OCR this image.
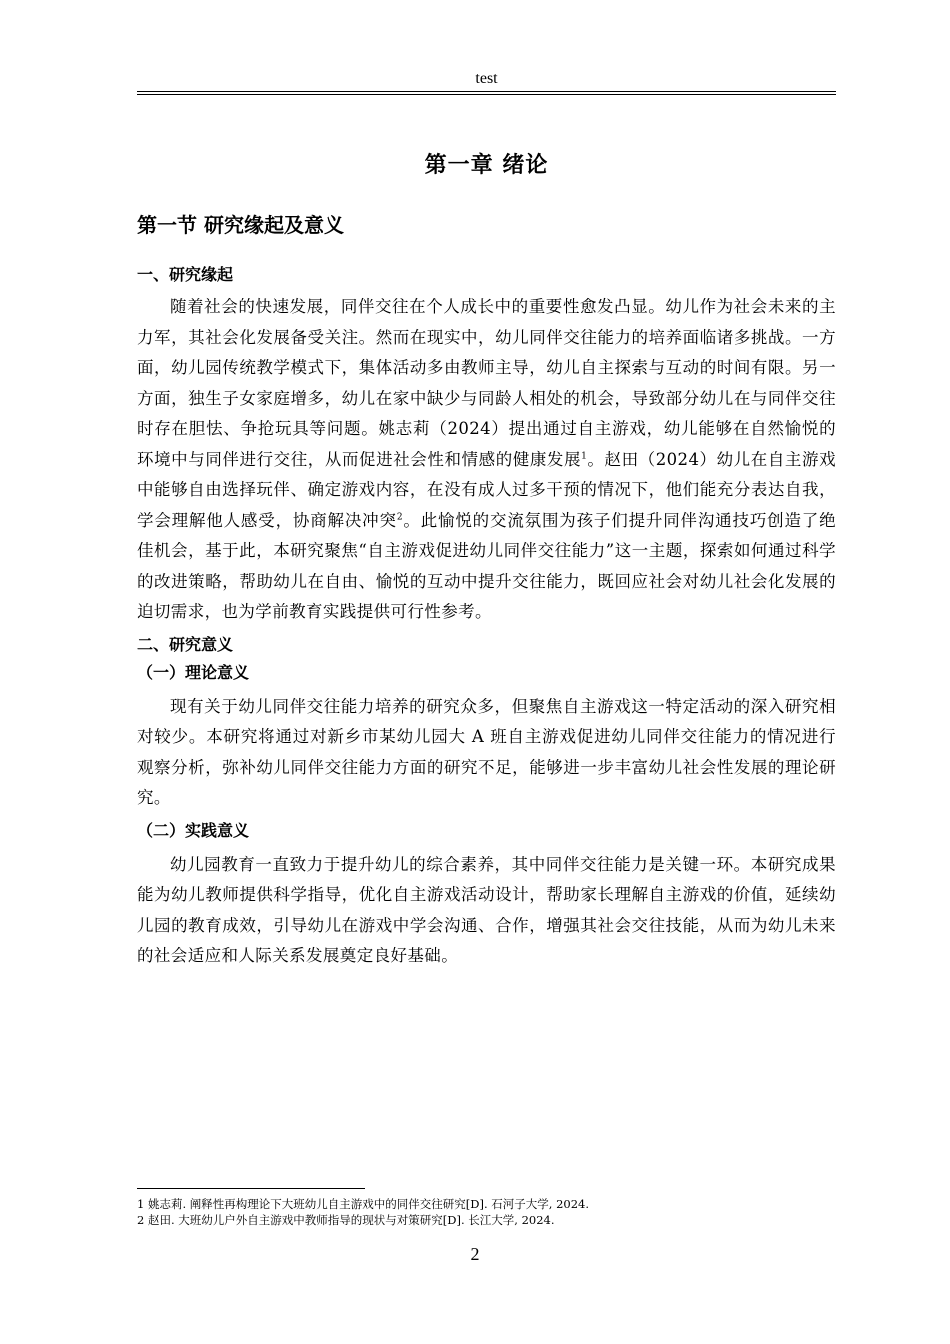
test
第一章 绪论
第一节 研究缘起及意义
一、研究缘起

随着社会的快速发展，同伴交往在个人成长中的重要性愈发凸显。幼儿作为社会未来的主力军，其社会化发展备受关注。然而在现实中，幼儿同伴交往能力的培养面临诸多挑战。一方面，幼儿园传统教学模式下，集体活动多由教师主导，幼儿自主探索与互动的时间有限。另一方面，独生子女家庭增多，幼儿在家中缺少与同龄人相处的机会，导致部分幼儿在与同伴交往时存在胆怯、争抢玩具等问题。姚志莉（2024）提出通过自主游戏，幼儿能够在自然愉悦的环境中与同伴进行交往，从而促进社会性和情感的健康发展$^1$。赵田（2024）幼儿在自主游戏中能够自由选择玩伴、确定游戏内容，在没有成人过多干预的情况下，他们能充分表达自我，学会理解他人感受，协商解决冲突$^2$。此愉悦的交流氛围为孩子们提升同伴沟通技巧创造了绝佳机会，基于此，本研究聚焦“自主游戏促进幼儿同伴交往能力”这一主题，探索如何通过科学的改进策略，帮助幼儿在自由、愉悦的互动中提升交往能力，既回应社会对幼儿社会化发展的迫切需求，也为学前教育实践提供可行性参考。

二、研究意义
（一）理论意义

现有关于幼儿同伴交往能力培养的研究众多，但聚焦自主游戏这一特定活动的深入研究相对较少。本研究将通过对新乡市某幼儿园大 A 班自主游戏促进幼儿同伴交往能力的情况进行观察分析，弥补幼儿同伴交往能力方面的研究不足，能够进一步丰富幼儿社会性发展的理论研究。

（二）实践意义

幼儿园教育一直致力于提升幼儿的综合素养，其中同伴交往能力是关键一环。本研究成果能为幼儿教师提供科学指导，优化自主游戏活动设计，帮助家长理解自主游戏的价值，延续幼儿园的教育成效，引导幼儿在游戏中学会沟通、合作，增强其社会交往技能，从而为幼儿未来的社会适应和人际关系发展奠定良好基础。

1 姚志莉. 阐释性再构理论下大班幼儿自主游戏中的同伴交往研究[D]. 石河子大学, 2024.
2 赵田. 大班幼儿户外自主游戏中教师指导的现状与对策研究[D]. 长江大学, 2024.
2
